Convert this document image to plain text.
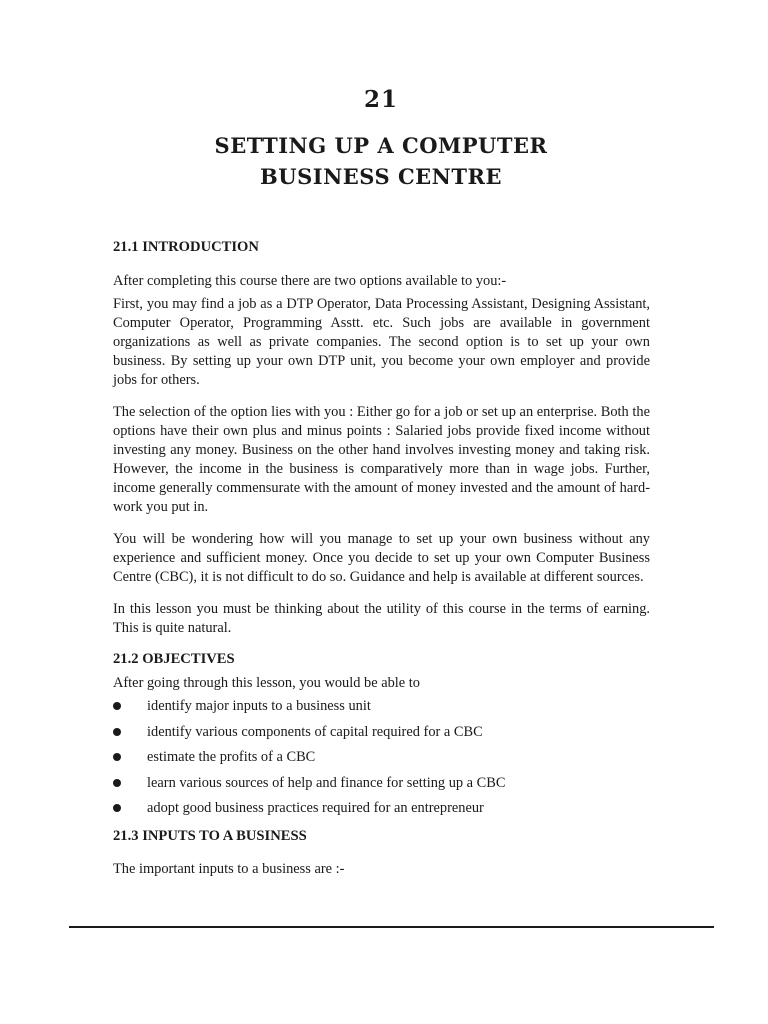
21
SETTING UP A COMPUTER
BUSINESS CENTRE
21.1 INTRODUCTION

After completing this course there are two options available to you:-

First, you may find a job as a DTP Operator, Data Processing Assistant, Designing Assistant, Computer Operator, Programming Asstt. etc. Such jobs are available in government organizations as well as private companies. The second option is to set up your own business. By setting up your own DTP unit, you become your own employer and provide jobs for others.

The selection of the option lies with you : Either go for a job or set up an enterprise. Both the options have their own plus and minus points : Salaried jobs provide fixed income without investing any money. Business on the other hand involves investing money and taking risk. However, the income in the business is comparatively more than in wage jobs. Further, income generally commensurate with the amount of money invested and the amount of hard-work you put in.

You will be wondering how will you manage to set up your own business without any experience and sufficient money. Once you decide to set up your own Computer Business Centre (CBC), it is not difficult to do so. Guidance and help is available at different sources.

In this lesson you must be thinking about the utility of this course in the terms of earning. This is quite natural.

21.2 OBJECTIVES

After going through this lesson, you would be able to

identify major inputs to a business unit
identify various components of capital required for a CBC
estimate the profits of a CBC
learn various sources of help and finance for setting up a CBC
adopt good business practices required for an entrepreneur
21.3 INPUTS TO A BUSINESS

The important inputs to a business are :-
